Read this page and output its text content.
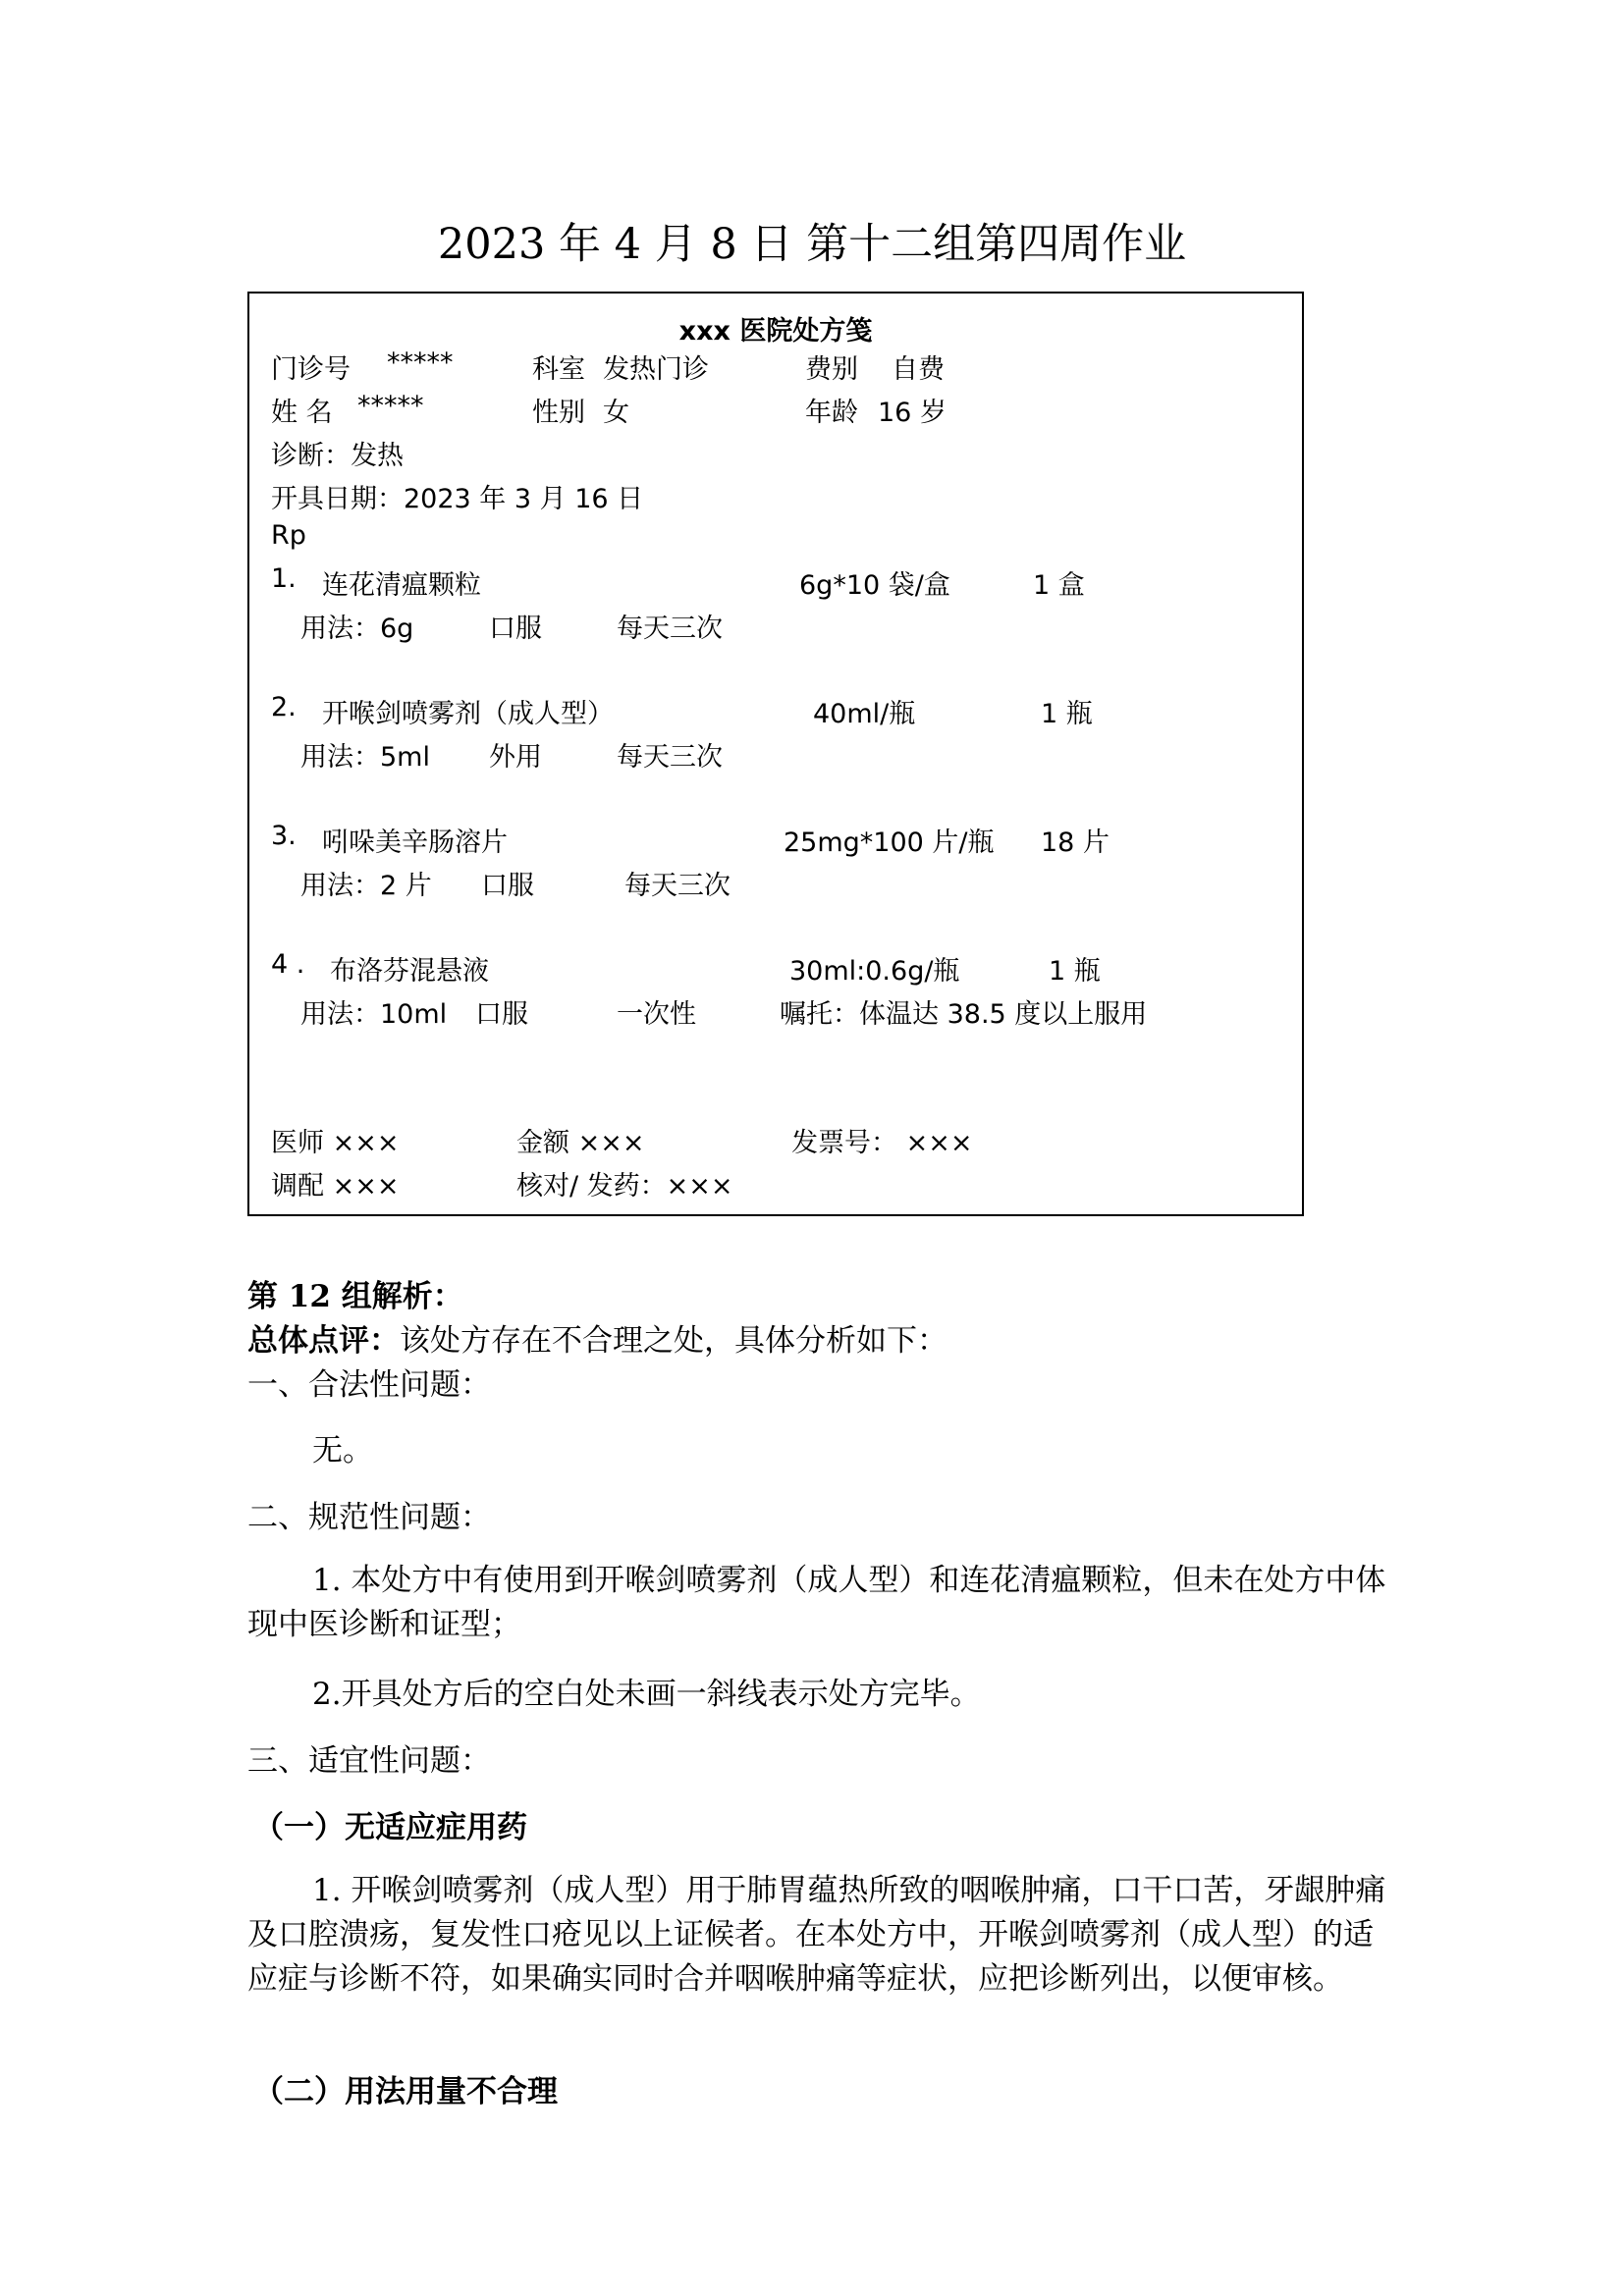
2023 年 4 月 8 日 第十二组第四周作业
xxx 医院处方笺
门诊号 *****	科室 发热门诊	费别 自费
姓 名 *****	性别 女	年龄 16 岁
诊断：发热
开具日期：2023 年 3 月 16 日
Rp
1. 连花清瘟颗粒	6g*10 袋/盒	1 盒
用法：6g	口服	每天三次
2. 开喉剑喷雾剂（成人型）	40ml/瓶	1 瓶
用法：5ml 外用	每天三次
3. 吲哚美辛肠溶片	25mg*100 片/瓶 18 片
用法：2 片 口服	每天三次
4 . 布洛芬混悬液	30ml:0.6g/瓶	1 瓶
用法：10ml 口服	一次性	嘱托：体温达 38.5 度以上服用
医师 ×××	金额 ×××	发票号： ×××
调配 ×××	核对/ 发药：×××
第 12 组解析：
总体点评：该处方存在不合理之处，具体分析如下：
一、合法性问题：
无。
二、规范性问题：
1. 本处方中有使用到开喉剑喷雾剂（成人型）和连花清瘟颗粒，但未在处方中体现中医诊断和证型；
2.开具处方后的空白处未画一斜线表示处方完毕。
三、适宜性问题：
（一）无适应症用药
1. 开喉剑喷雾剂（成人型）用于肺胃蕴热所致的咽喉肿痛，口干口苦，牙龈肿痛及口腔溃疡，复发性口疮见以上证候者。在本处方中，开喉剑喷雾剂（成人型）的适应症与诊断不符，如果确实同时合并咽喉肿痛等症状，应把诊断列出，以便审核。
（二）用法用量不合理
